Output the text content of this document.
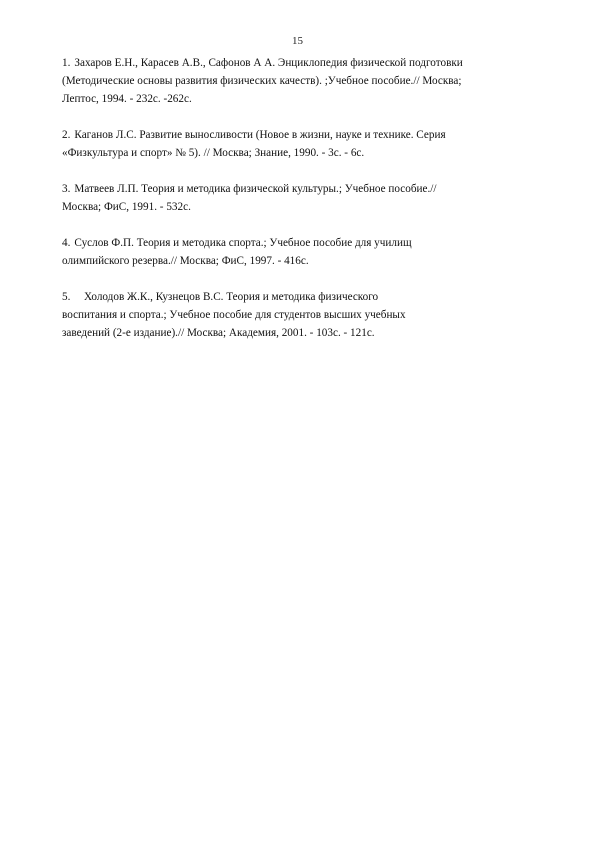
15
1. Захаров Е.Н., Карасев А.В., Сафонов А А. Энциклопедия физической подготовки
(Методические основы развития физических качеств). ;Учебное пособие.// Москва;
Лептос, 1994. - 232с. -262с.
2. Каганов Л.С. Развитие выносливости (Новое в жизни, науке и технике. Серия
«Физкультура и спорт» № 5). // Москва; Знание, 1990. - 3с. - 6с.
3. Матвеев Л.П. Теория и методика физической культуры.; Учебное пособие.//
Москва; ФиС, 1991. - 532с.
4. Суслов Ф.П. Теория и методика спорта.; Учебное пособие для училищ
олимпийского резерва.// Москва; ФиС, 1997. - 416с.
5. Холодов Ж.К., Кузнецов В.С. Теория и методика физического
воспитания и спорта.; Учебное пособие для студентов высших учебных
заведений (2-е издание).// Москва; Академия, 2001. - 103с. - 121с.
